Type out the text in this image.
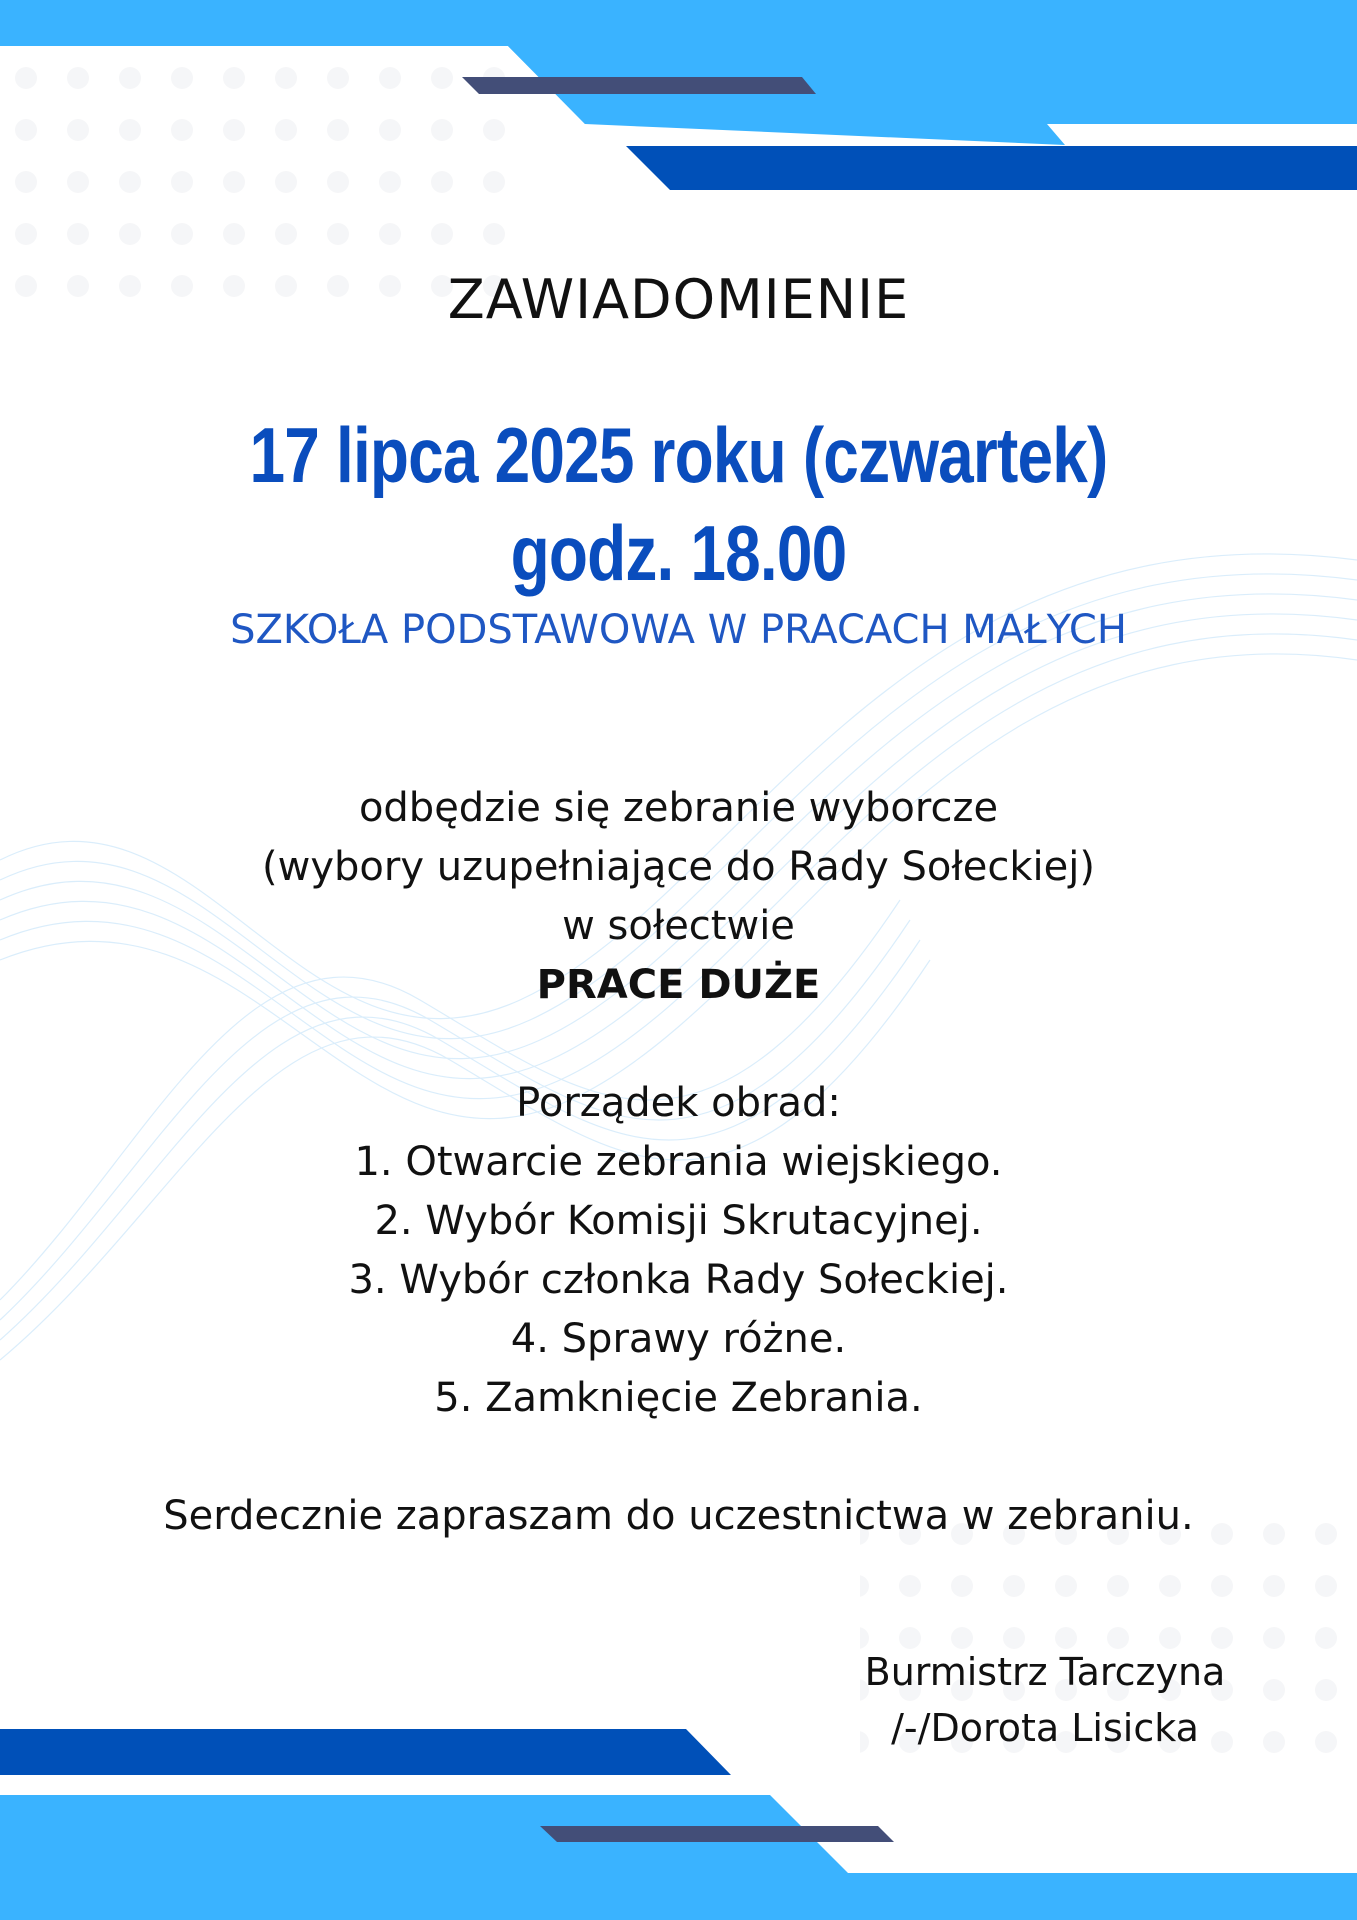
ZAWIADOMIENIE
17 lipca 2025 roku (czwartek)
godz. 18.00
SZKOŁA PODSTAWOWA W PRACACH MAŁYCH
odbędzie się zebranie wyborcze
(wybory uzupełniające do Rady Sołeckiej)
w sołectwie
PRACE DUŻE
Porządek obrad:
1. Otwarcie zebrania wiejskiego.
2. Wybór Komisji Skrutacyjnej.
3. Wybór członka Rady Sołeckiej.
4. Sprawy różne.
5. Zamknięcie Zebrania.
Serdecznie zapraszam do uczestnictwa w zebraniu.
Burmistrz Tarczyna
/-/Dorota Lisicka
